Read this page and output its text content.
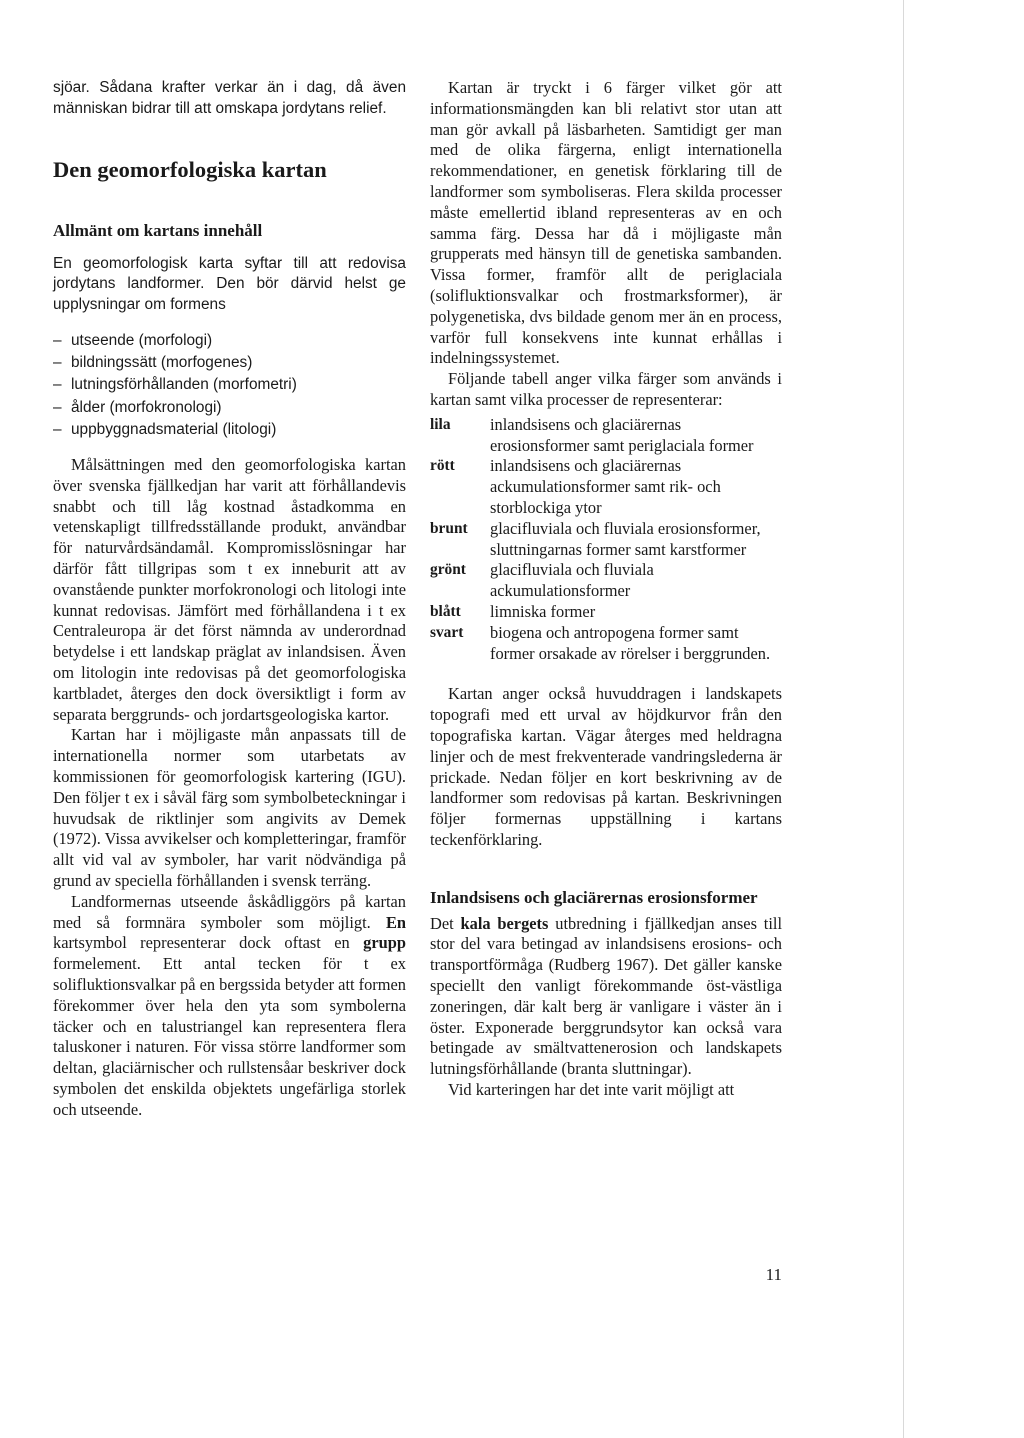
sjöar. Sådana krafter verkar än i dag, då även människan bidrar till att omskapa jordytans relief.

Den geomorfologiska kartan
Allmänt om kartans innehåll

En geomorfologisk karta syftar till att redovisa jordytans landformer. Den bör därvid helst ge upplysningar om formens

– utseende (morfologi)
– bildningssätt (morfogenes)
– lutningsförhållanden (morfometri)
– ålder (morfokronologi)
– uppbyggnadsmaterial (litologi)

Målsättningen med den geomorfologiska kartan över svenska fjällkedjan har varit att förhållandevis snabbt och till låg kostnad åstadkomma en vetenskapligt tillfredsställande produkt, användbar för naturvårdsändamål. Kompromisslösningar har därför fått tillgripas som t ex inneburit att av ovanstående punkter morfokronologi och litologi inte kunnat redovisas. Jämfört med förhållandena i t ex Centraleuropa är det först nämnda av underordnad betydelse i ett landskap präglat av inlandsisen. Även om litologin inte redovisas på det geomorfologiska kartbladet, återges den dock översiktligt i form av separata berggrunds- och jordartsgeologiska kartor.

Kartan har i möjligaste mån anpassats till de internationella normer som utarbetats av kommissionen för geomorfologisk kartering (IGU). Den följer t ex i såväl färg som symbolbeteckningar i huvudsak de riktlinjer som angivits av Demek (1972). Vissa avvikelser och kompletteringar, framför allt vid val av symboler, har varit nödvändiga på grund av speciella förhållanden i svensk terräng.

Landformernas utseende åskådliggörs på kartan med så formnära symboler som möjligt. En kartsymbol representerar dock oftast en grupp formelement. Ett antal tecken för t ex solifluktionsvalkar på en bergssida betyder att formen förekommer över hela den yta som symbolerna täcker och en talustriangel kan representera flera taluskoner i naturen. För vissa större landformer som deltan, glaciärnischer och rullstensåar beskriver dock symbolen det enskilda objektets ungefärliga storlek och utseende.

Kartan är tryckt i 6 färger vilket gör att informationsmängden kan bli relativt stor utan att man gör avkall på läsbarheten. Samtidigt ger man med de olika färgerna, enligt internationella rekommendationer, en genetisk förklaring till de landformer som symboliseras. Flera skilda processer måste emellertid ibland representeras av en och samma färg. Dessa har då i möjligaste mån grupperats med hänsyn till de genetiska sambanden. Vissa former, framför allt de periglaciala (solifluktionsvalkar och frostmarksformer), är polygenetiska, dvs bildade genom mer än en process, varför full konsekvens inte kunnat erhållas i indelningssystemet.

Följande tabell anger vilka färger som används i kartan samt vilka processer de representerar:

lila	inlandsisens och glaciärernas erosionsformer samt periglaciala former
rött	inlandsisens och glaciärernas ackumulationsformer samt rik- och storblockiga ytor
brunt	glacifluviala och fluviala erosionsformer, sluttningarnas former samt karstformer
grönt	glacifluviala och fluviala ackumulationsformer
blått	limniska former
svart	biogena och antropogena former samt former orsakade av rörelser i berggrunden.

Kartan anger också huvuddragen i landskapets topografi med ett urval av höjdkurvor från den topografiska kartan. Vägar återges med heldragna linjer och de mest frekventerade vandringslederna är prickade. Nedan följer en kort beskrivning av de landformer som redovisas på kartan. Beskrivningen följer formernas uppställning i kartans teckenförklaring.

Inlandsisens och glaciärernas erosionsformer

Det kala bergets utbredning i fjällkedjan anses till stor del vara betingad av inlandsisens erosions- och transportförmåga (Rudberg 1967). Det gäller kanske speciellt den vanligt förekommande öst-västliga zoneringen, där kalt berg är vanligare i väster än i öster. Exponerade berggrundsytor kan också vara betingade av smältvattenerosion och landskapets lutningsförhållande (branta sluttningar).

Vid karteringen har det inte varit möjligt att

11
